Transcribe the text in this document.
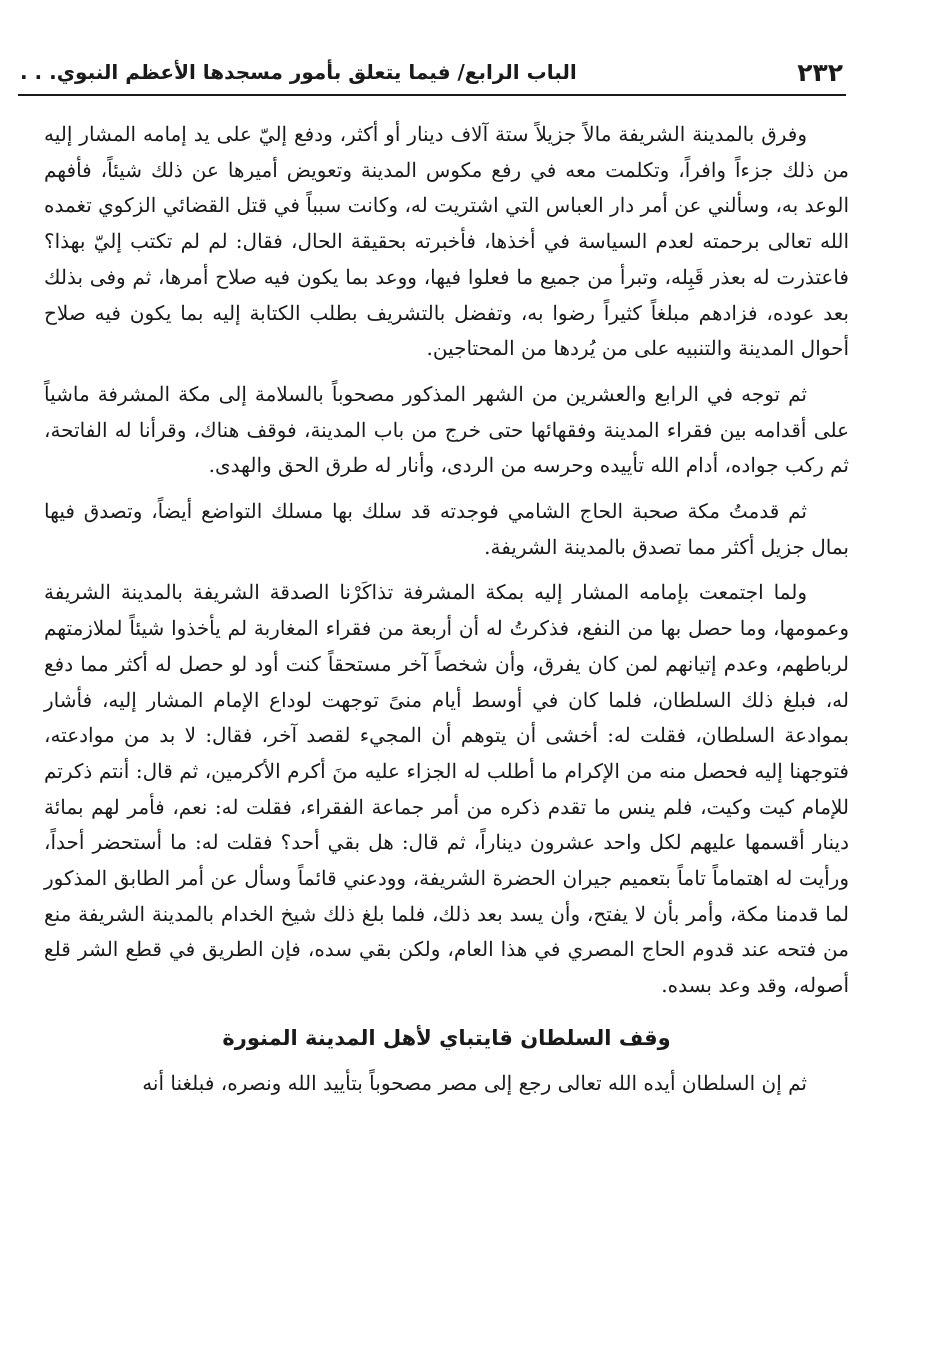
٢٣٢
الباب الرابع/ فيما يتعلق بأمور مسجدها الأعظم النبوي. . .

وفرق بالمدينة الشريفة مالاً جزيلاً ستة آلاف دينار أو أكثر، ودفع إليّ على يد إمامه المشار إليه من ذلك جزءاً وافراً، وتكلمت معه في رفع مكوس المدينة وتعويض أميرها عن ذلك شيئاً، فأفهم الوعد به، وسألني عن أمر دار العباس التي اشتريت له، وكانت سبباً في قتل القضائي الزكوي تغمده الله تعالى برحمته لعدم السياسة في أخذها، فأخبرته بحقيقة الحال، فقال: لم لم تكتب إليّ بهذا؟ فاعتذرت له بعذر قَبِله، وتبرأ من جميع ما فعلوا فيها، ووعد بما يكون فيه صلاح أمرها، ثم وفى بذلك بعد عوده، فزادهم مبلغاً كثيراً رضوا به، وتفضل بالتشريف بطلب الكتابة إليه بما يكون فيه صلاح أحوال المدينة والتنبيه على من يُردها من المحتاجين.

ثم توجه في الرابع والعشرين من الشهر المذكور مصحوباً بالسلامة إلى مكة المشرفة ماشياً على أقدامه بين فقراء المدينة وفقهائها حتى خرج من باب المدينة، فوقف هناك، وقرأنا له الفاتحة، ثم ركب جواده، أدام الله تأييده وحرسه من الردى، وأنار له طرق الحق والهدى.

ثم قدمتُ مكة صحبة الحاج الشامي فوجدته قد سلك بها مسلك التواضع أيضاً، وتصدق فيها بمال جزيل أكثر مما تصدق بالمدينة الشريفة.

ولما اجتمعت بإمامه المشار إليه بمكة المشرفة تذاكَرْنا الصدقة الشريفة بالمدينة الشريفة وعمومها، وما حصل بها من النفع، فذكرتُ له أن أربعة من فقراء المغاربة لم يأخذوا شيئاً لملازمتهم لرباطهم، وعدم إتيانهم لمن كان يفرق، وأن شخصاً آخر مستحقاً كنت أود لو حصل له أكثر مما دفع له، فبلغ ذلك السلطان، فلما كان في أوسط أيام منىً توجهت لوداع الإمام المشار إليه، فأشار بموادعة السلطان، فقلت له: أخشى أن يتوهم أن المجيء لقصد آخر، فقال: لا بد من موادعته، فتوجهنا إليه فحصل منه من الإكرام ما أطلب له الجزاء عليه منَ أكرم الأكرمين، ثم قال: أنتم ذكرتم للإمام كيت وكيت، فلم ينس ما تقدم ذكره من أمر جماعة الفقراء، فقلت له: نعم، فأمر لهم بمائة دينار أقسمها عليهم لكل واحد عشرون ديناراً، ثم قال: هل بقي أحد؟ فقلت له: ما أستحضر أحداً، ورأيت له اهتماماً تاماً بتعميم جيران الحضرة الشريفة، وودعني قائماً وسأل عن أمر الطابق المذكور لما قدمنا مكة، وأمر بأن لا يفتح، وأن يسد بعد ذلك، فلما بلغ ذلك شيخ الخدام بالمدينة الشريفة منع من فتحه عند قدوم الحاج المصري في هذا العام، ولكن بقي سده، فإن الطريق في قطع الشر قلع أصوله، وقد وعد بسده.

وقف السلطان قايتباي لأهل المدينة المنورة

ثم إن السلطان أيده الله تعالى رجع إلى مصر مصحوباً بتأييد الله ونصره، فبلغنا أنه
